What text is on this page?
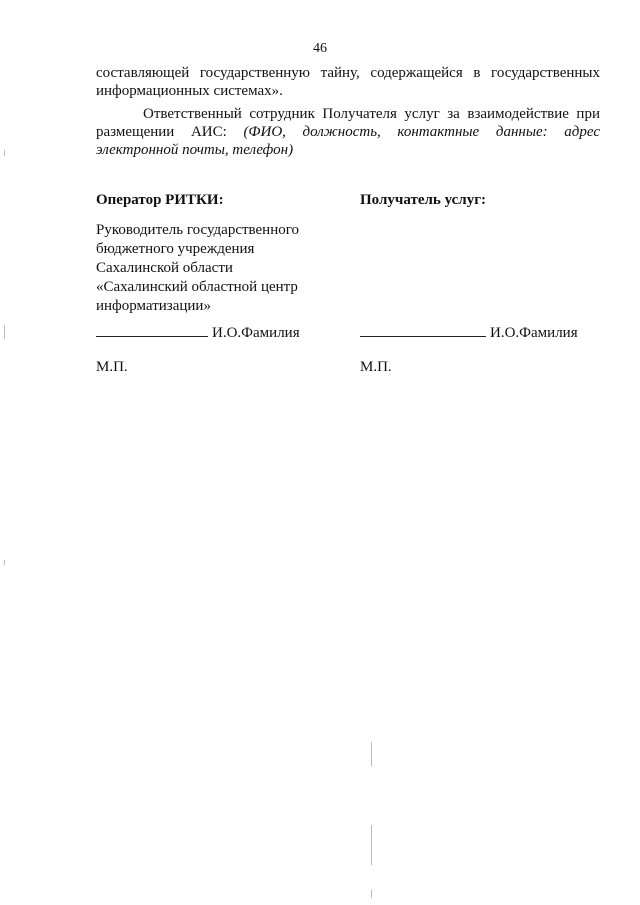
46

составляющей государственную тайну, содержащейся в государственных информационных системах».

Ответственный сотрудник Получателя услуг за взаимодействие при размещении АИС: (ФИО, должность, контактные данные: адрес электронной почты, телефон)

Оператор РИТКИ:	Получатель услуг:

Руководитель государственного бюджетного учреждения Сахалинской области «Сахалинский областной центр информатизации»

И.О.Фамилия	И.О.Фамилия
М.П.	М.П.
